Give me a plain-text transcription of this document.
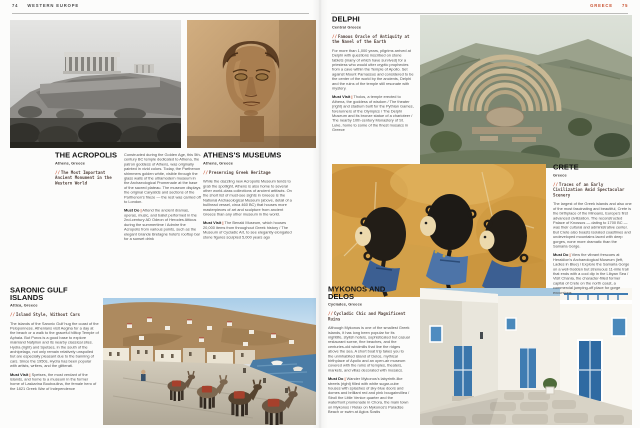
74 WESTERN EUROPE	GREECE 75
THE ACROPOLIS
Athens, Greece
//The Most Important Ancient Monument in the Western World

Constructed during the Golden Age, this 5th-century BC temple dedicated to Athena, the patron goddess of Athens, was originally painted in vivid colors. Today, the Parthenon shimmers golden white, visible through the glass walls of the ultramodern museum in the Archaeological Promenade at the base of the sacred plateau. The museum displays the original Caryatids and sections of the Parthenon's frieze — the rest was carried off to London.

Must Do | Attend the ancient dramas, operas, music, and ballet performed in the 2nd-century AD Odeon of Herodes Atticus during the summertime / Admire the Acropolis from various points, such as the elegant Grande Bretagne hotel's rooftop bar for a sunset drink

ATHENS'S MUSEUMS
Athens, Greece
//Preserving Greek Heritage

While the dazzling new Acropolis Museum tends to grab the spotlight, Athens is also home to several other world-class collections of ancient artifacts. On the short list of must-see sights in Greece is the National Archaeological Museum (above, detail of a bullhead vessel, circa 460 BC) that houses more masterpieces of art and sculpture from ancient Greece than any other museum in the world.

Must Visit | The Benaki Museum, which houses 20,000 items from throughout Greek history / The Museum of Cycladic Art, to see elegantly elongated stone figures sculpted 5,000 years ago

SARONIC GULF ISLANDS
Attica, Greece
//Island Style, Without Cars

The islands of the Saronic Gulf hug the coast of the Peloponnese. Athenians visit Aegina for a day at the beach or a walk to the graceful hilltop Temple of Aphaia. But Poros is a good base to explore mainland Nafplion and its nearby classical sites. Hydra (right) and Spetses, in the south of the archipelago, not only remain relatively unspoiled but are especially pleasant due to the banning of cars. Since the 1950s, Hydra has been popular with artists, writers, and the glitterati.

Must Visit | Spetses, the most verdant of the islands, and home to a museum in the former home of Laskarina Bouboulina, the female hero of the 1821 Greek War of Independence

DELPHI
Central Greece
//Famous Oracle of Antiquity at the Navel of the Earth

For more than 1,000 years, pilgrims arrived at Delphi with questions inscribed on stone tablets (many of which have survived) for a priestess who would utter cryptic prophecies from a cave within the Temple of Apollo. Set against Mount Parnassus and considered to be the center of the world by the ancients, Delphi and the ruins of the temple still resonate with mystery.

Must Visit | Tholos, a temple erected to Athena, the goddess of wisdom / The theater (right) and stadium built for the Pythian Games, forerunners of the Olympics / The Delphi Museum and its bronze statue of a charioteer / The nearby 10th-century Monastery of St. Luke, home to some of the finest mosaics in Greece

CRETE
Greece
//Traces of an Early Civilization Amid Spectacular Scenery

The largest of the Greek islands and also one of the most fascinating and beautiful, Crete is the birthplace of the Minoans, Europe's first advanced civilization. The reconstructed Palace of Knossos — dating to 1700 BC — was their cultural and administrative center. But Crete also boasts isolated coastlines and undeveloped mountains laced with deep gorges, none more dramatic than the Samaria Gorge.

Must Do | View the vibrant frescoes at Heraklion's Archaeological Museum (left, Ladies in Blue) / Explore the Samaria Gorge on a well-trodden but strenuous 11-mile trail that ends with a cool dip in the Libyan Sea / Visit Chania, the character-filled former capital of Crete on the north coast, a commercial jumping-off place for gorge excursions

MYKONOS AND DELOS
Cyclades, Greece
//Cycladic Chic and Magnificent Ruins

Although Mykonos is one of the smallest Greek islands, it has long been popular for its nightlife, stylish hotels, sophisticated but casual restaurant scene, fine beaches, and the centuries-old windmills that line the ridges above the sea. A short boat trip takes you to the uninhabited island of Delos, mythical birthplace of Apollo and an open-air museum covered with the ruins of temples, theaters, markets, and villas decorated with mosaics.

Must Do | Wander Mykonos's labyrinth-like streets (right) filled with white sugar-cube houses with splashes of sky-blue doors and domes and brilliant red and pink bougainvillea / Stroll the Little Venice quarter and the waterfront promenade in Chora, the main town on Mykonos / Relax on Mykonos's Paradise Beach or swim at Agios Sostis
